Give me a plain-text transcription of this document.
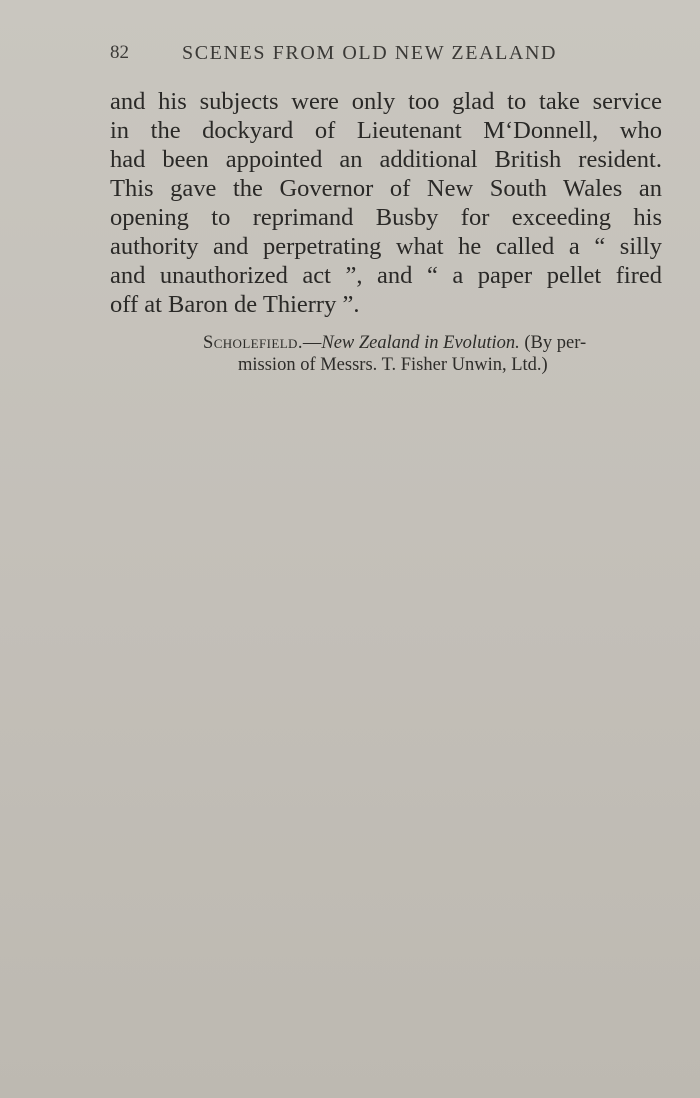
82	SCENES FROM OLD NEW ZEALAND
and his subjects were only too glad to take service
in the dockyard of Lieutenant M‘Donnell, who
had been appointed an additional British resident.
This gave the Governor of New South Wales an
opening to reprimand Busby for exceeding his
authority and perpetrating what he called a “ silly
and unauthorized act ”, and “ a paper pellet fired
off at Baron de Thierry ”.
Scholefield.—New Zealand in Evolution. (By per-
mission of Messrs. T. Fisher Unwin, Ltd.)
